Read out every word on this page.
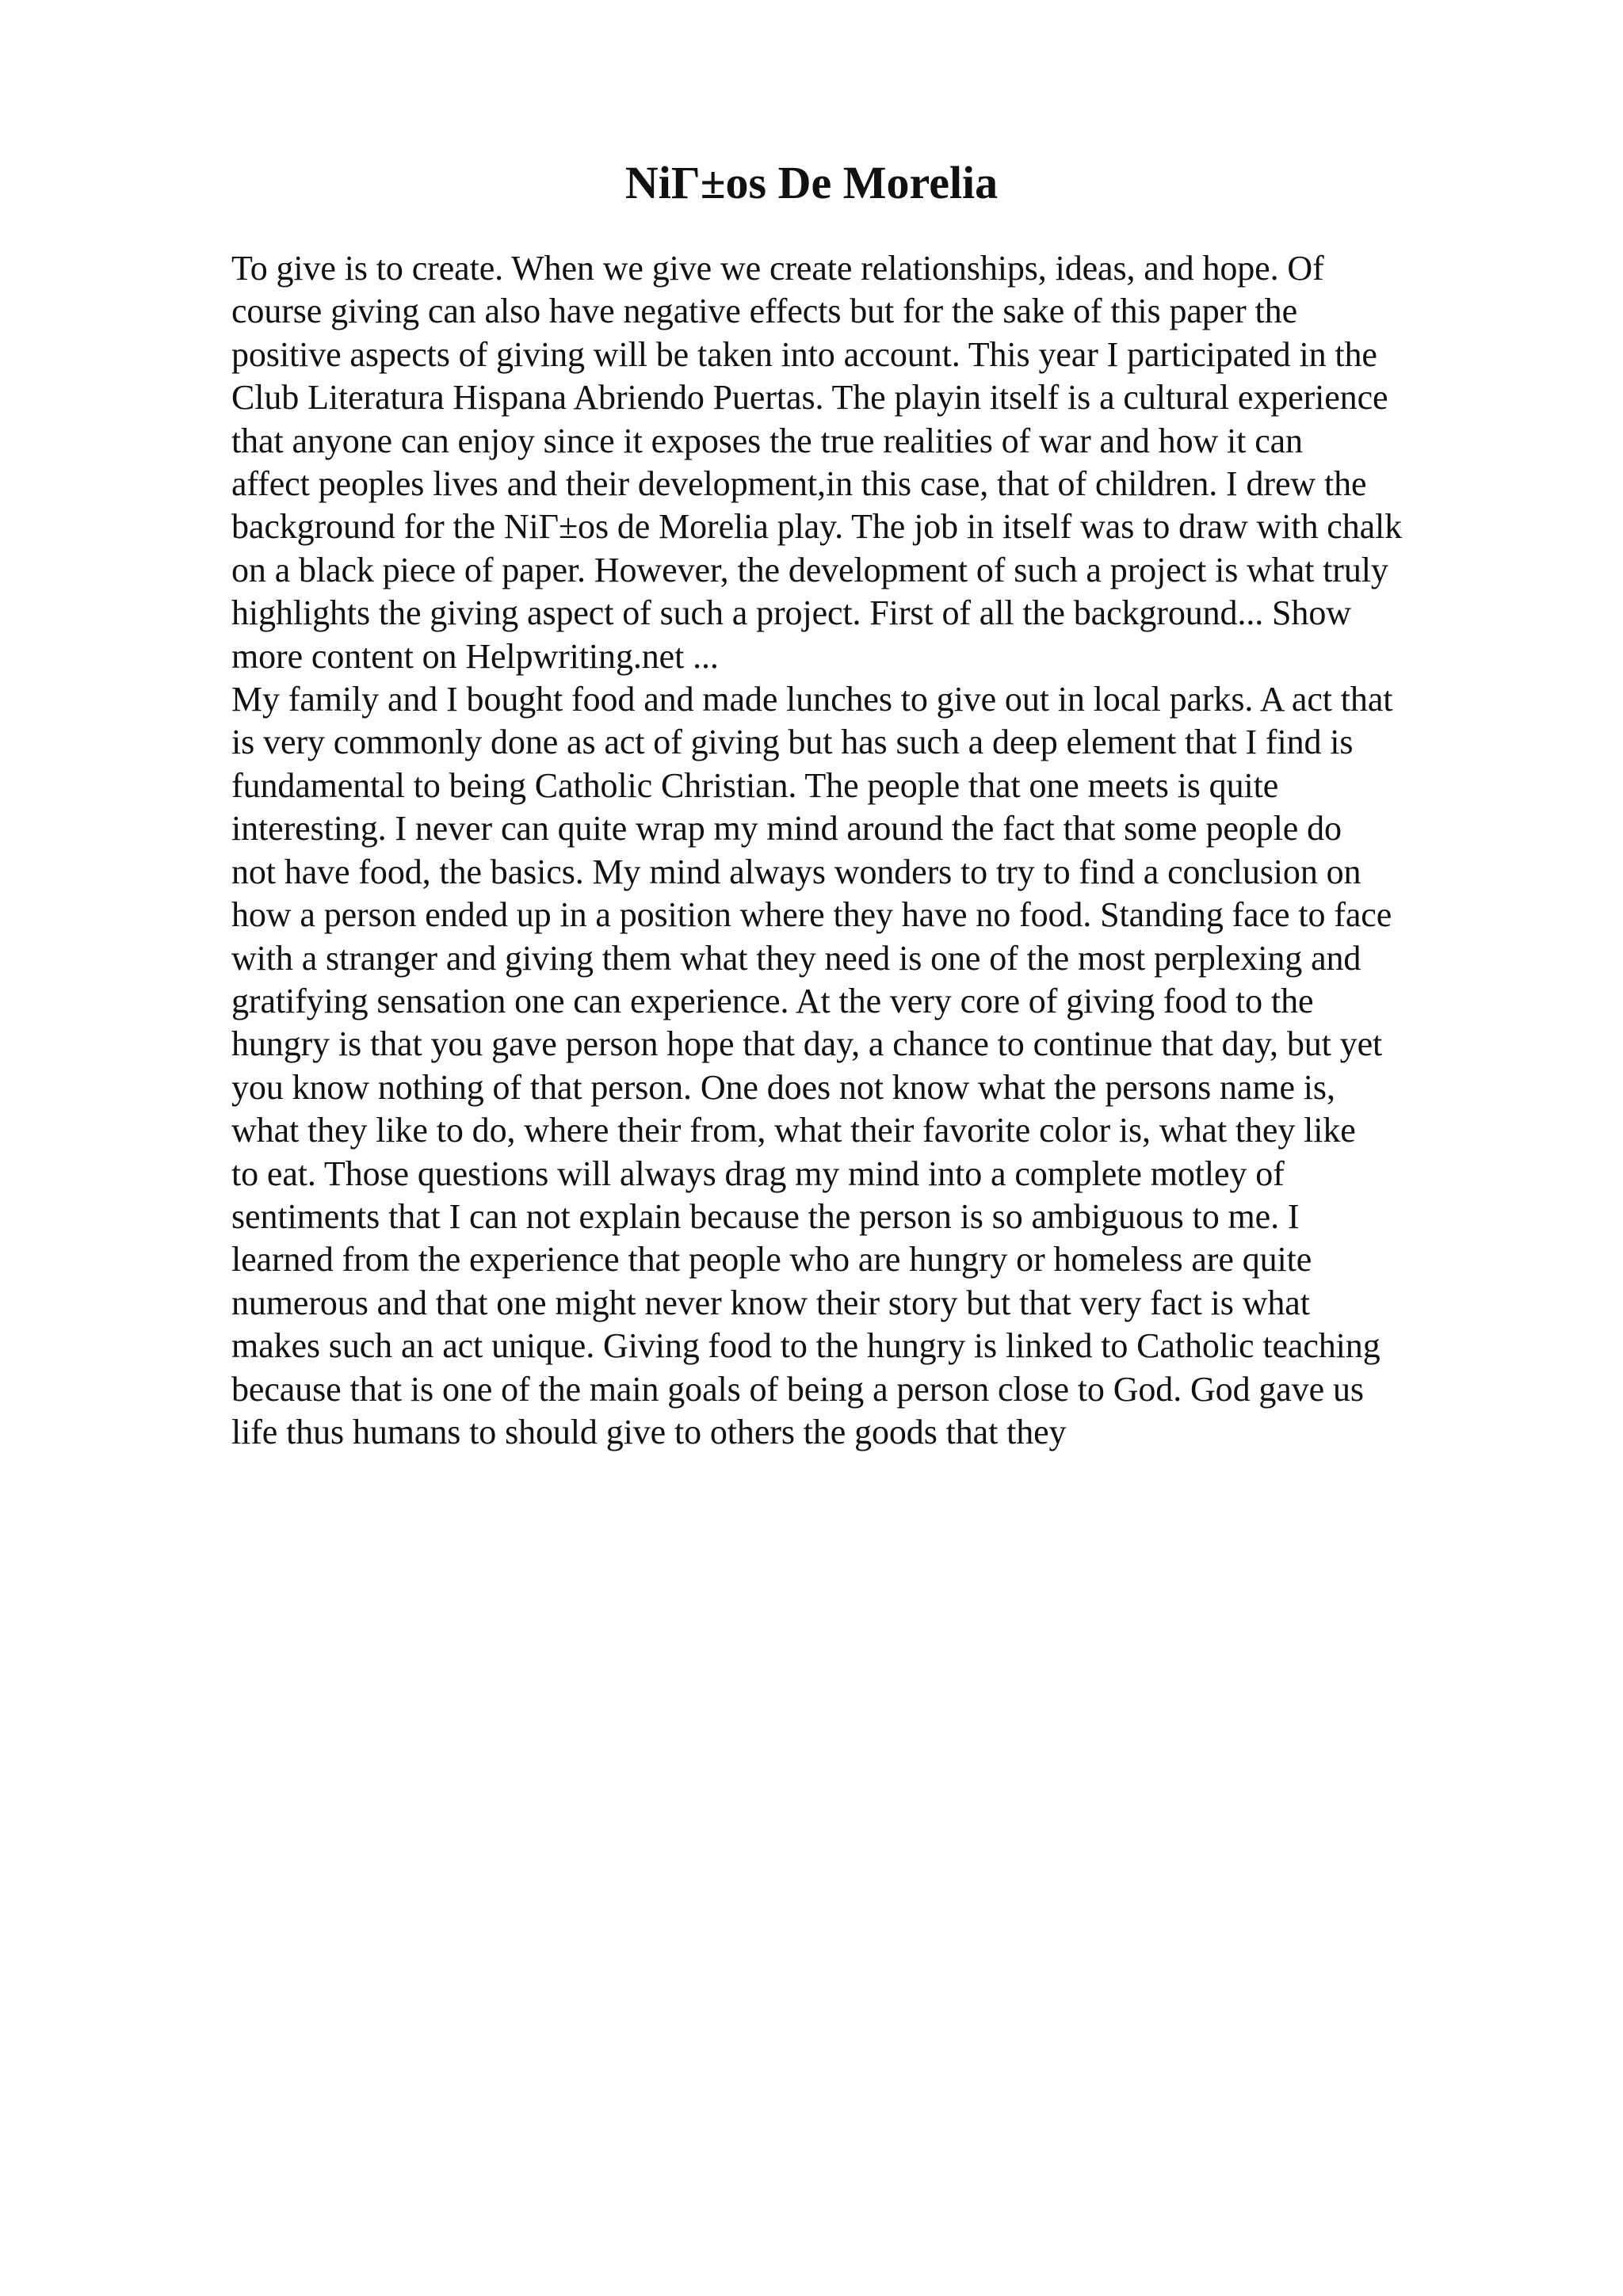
NiΓ±os De Morelia
To give is to create. When we give we create relationships, ideas, and hope. Of
course giving can also have negative effects but for the sake of this paper the
positive aspects of giving will be taken into account. This year I participated in the
Club Literatura Hispana Abriendo Puertas. The playin itself is a cultural experience
that anyone can enjoy since it exposes the true realities of war and how it can
affect peoples lives and their development,in this case, that of children. I drew the
background for the NiΓ±os de Morelia play. The job in itself was to draw with chalk
on a black piece of paper. However, the development of such a project is what truly
highlights the giving aspect of such a project. First of all the background... Show
more content on Helpwriting.net ...
My family and I bought food and made lunches to give out in local parks. A act that
is very commonly done as act of giving but has such a deep element that I find is
fundamental to being Catholic Christian. The people that one meets is quite
interesting. I never can quite wrap my mind around the fact that some people do
not have food, the basics. My mind always wonders to try to find a conclusion on
how a person ended up in a position where they have no food. Standing face to face
with a stranger and giving them what they need is one of the most perplexing and
gratifying sensation one can experience. At the very core of giving food to the
hungry is that you gave person hope that day, a chance to continue that day, but yet
you know nothing of that person. One does not know what the persons name is,
what they like to do, where their from, what their favorite color is, what they like
to eat. Those questions will always drag my mind into a complete motley of
sentiments that I can not explain because the person is so ambiguous to me. I
learned from the experience that people who are hungry or homeless are quite
numerous and that one might never know their story but that very fact is what
makes such an act unique. Giving food to the hungry is linked to Catholic teaching
because that is one of the main goals of being a person close to God. God gave us
life thus humans to should give to others the goods that they
